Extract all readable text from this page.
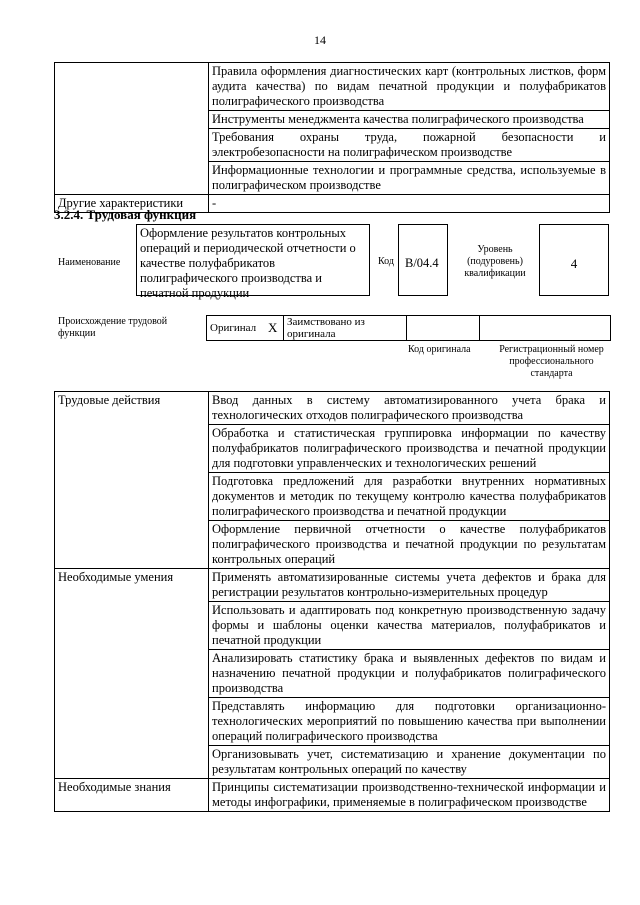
14
	Правила оформления диагностических карт (контрольных листков, форм аудита качества) по видам печатной продукции и полуфабрикатов полиграфического производства
	Инструменты менеджмента качества полиграфического производства
	Требования охраны труда, пожарной безопасности и электробезопасности на полиграфическом производстве
	Информационные технологии и программные средства, используемые в полиграфическом производстве
Другие характеристики	-
3.2.4. Трудовая функция
Наименование
Оформление результатов контрольных операций и периодической отчетности о качестве полуфабрикатов полиграфического производства и печатной продукции
Код B/04.4
Уровень (подуровень) квалификации
4
Происхождение трудовой функции	Оригинал	X	Заимствовано из оригинала		
Код оригинала	Регистрационный номер профессионального стандарта
Трудовые действия	Ввод данных в систему автоматизированного учета брака и технологических отходов полиграфического производства
	Обработка и статистическая группировка информации по качеству полуфабрикатов полиграфического производства и печатной продукции для подготовки управленческих и технологических решений
	Подготовка предложений для разработки внутренних нормативных документов и методик по текущему контролю качества полуфабрикатов полиграфического производства и печатной продукции
	Оформление первичной отчетности о качестве полуфабрикатов полиграфического производства и печатной продукции по результатам контрольных операций
Необходимые умения	Применять автоматизированные системы учета дефектов и брака для регистрации результатов контрольно-измерительных процедур
	Использовать и адаптировать под конкретную производственную задачу формы и шаблоны оценки качества материалов, полуфабрикатов и печатной продукции
	Анализировать статистику брака и выявленных дефектов по видам и назначению печатной продукции и полуфабрикатов полиграфического производства
	Представлять информацию для подготовки организационно-технологических мероприятий по повышению качества при выполнении операций полиграфического производства
	Организовывать учет, систематизацию и хранение документации по результатам контрольных операций по качеству
Необходимые знания	Принципы систематизации производственно-технической информации и методы инфографики, применяемые в полиграфическом производстве
